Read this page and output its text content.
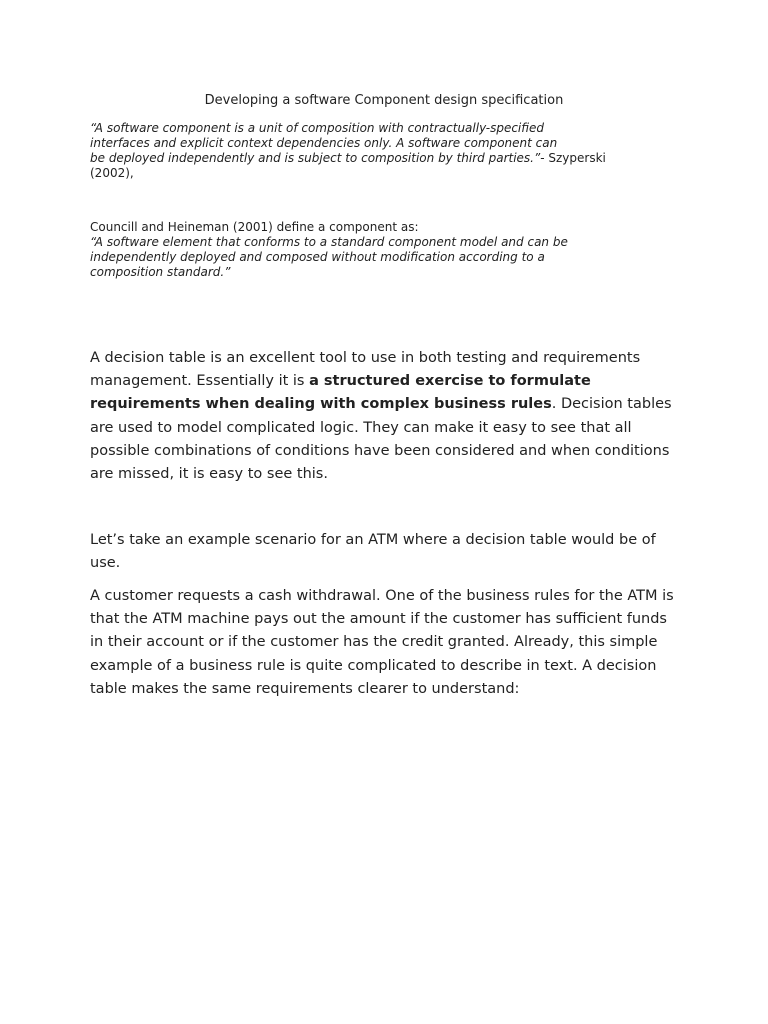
Developing a software Component design specification
“A software component is a unit of composition with contractually-specified
interfaces and explicit context dependencies only. A software component can
be deployed independently and is subject to composition by third parties.”- Szyperski
(2002),
Councill and Heineman (2001) define a component as:
“A software element that conforms to a standard component model and can be
independently deployed and composed without modification according to a
composition standard.”
A decision table is an excellent tool to use in both testing and requirements management. Essentially it is a structured exercise to formulate requirements when dealing with complex business rules. Decision tables are used to model complicated logic. They can make it easy to see that all possible combinations of conditions have been considered and when conditions are missed, it is easy to see this.
Let’s take an example scenario for an ATM where a decision table would be of use.
A customer requests a cash withdrawal. One of the business rules for the ATM is that the ATM machine pays out the amount if the customer has sufficient funds in their account or if the customer has the credit granted. Already, this simple example of a business rule is quite complicated to describe in text. A decision table makes the same requirements clearer to understand:
